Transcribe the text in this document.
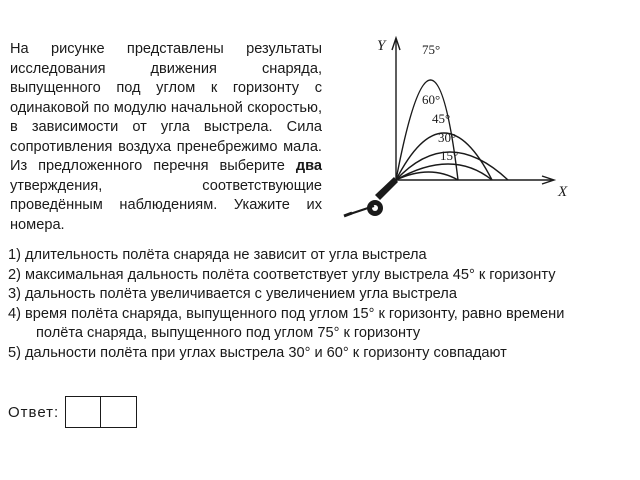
На рисунке представлены результаты исследования движения снаряда, выпущенного под углом к горизонту с одинаковой по модулю начальной скоростью, в зависимости от угла выстрела. Сила сопротивления воздуха пренебрежимо мала. Из предложенного перечня выберите два утверждения, соответствующие проведённым наблюдениям. Укажите их номера.
Y
X
75°
60°
45°
30°
15°
1) длительность полёта снаряда не зависит от угла выстрела
2) максимальная дальность полёта соответствует углу выстрела 45° к горизонту
3) дальность полёта увеличивается с увеличением угла выстрела
4) время полёта снаряда, выпущенного под углом 15° к горизонту, равно времени
полёта снаряда, выпущенного под углом 75° к горизонту
5) дальности полёта при углах выстрела 30° и 60° к горизонту совпадают
Ответ:
